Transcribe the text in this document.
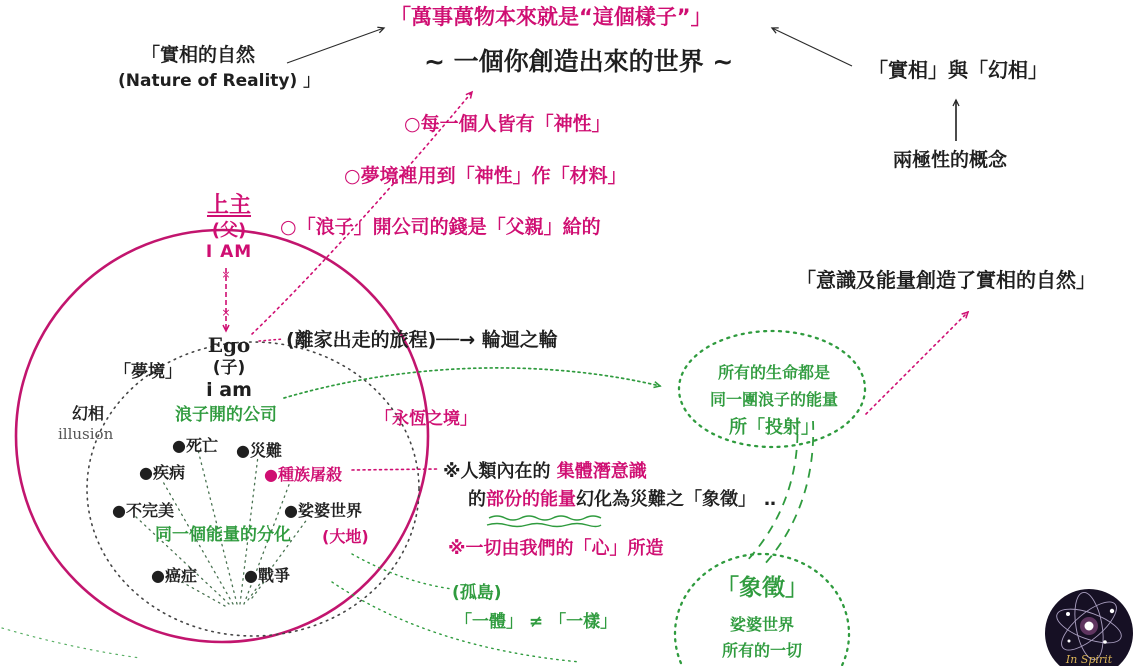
×
×
In Spirit
「萬事萬物本來就是“這個樣子”」
~ 一個你創造出來的世界 ~
「實相的自然
(Nature of Reality) 」	「實相」與「幻相」
兩極性的概念
○每一個人皆有「神性」
○夢境裡用到「神性」作「材料」
○「浪子」開公司的錢是「父親」給的
上主
(父)
I AM
Ego
(子)
i am
「夢境」
幻相
illusion
浪子開的公司
●死亡 ●災難
●疾病	●種族屠殺
●不完美	●娑婆世界
同一個能量的分化 (大地)
●癌症	●戰爭
(離家出走的旅程)──→ 輪迴之輪
「永恆之境」
所有的生命都是
同一團浪子的能量
所「投射」
「意識及能量創造了實相的自然」
※人類內在的 集體潛意識
的部份的能量幻化為災難之「象徵」 ‥
※一切由我們的「心」所造
(孤島)
「一體」 ≠ 「一樣」
「象徵」
娑婆世界
所有的一切
